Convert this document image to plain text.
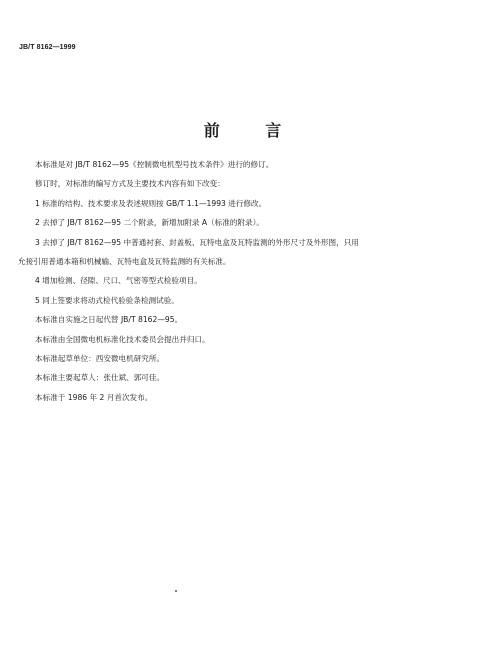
JB/T 8162—1999
前 言
本标准是对 JB/T 8162—95《控制微电机型号技术条件》进行的修订。
修订时，对标准的编写方式及主要技术内容有如下改变：
1 标准的结构、技术要求及表述规则按 GB/T 1.1—1993 进行修改。
2 去掉了 JB/T 8162—95 二个附录，新增加附录 A（标准的附录）。
3 去掉了 JB/T 8162—95 中普通衬套、封盖板、瓦特电盒及瓦特监测的外形尺寸及外形图，只用
允接引用普通本箱和机械输、瓦特电盒及瓦特监测的有关标准。
4 增加检测、径隙、尺口、气密等型式检验项目。
5 同上签要求将动式检代验验条检测试验。
本标准自实施之日起代替 JB/T 8162—95。
本标准由全国微电机标准化技术委员会提出并归口。
本标准起草单位：西安微电机研究所。
本标准主要起草人：张仕斌、郭可佳。
本标准于 1986 年 2 月首次发布。
